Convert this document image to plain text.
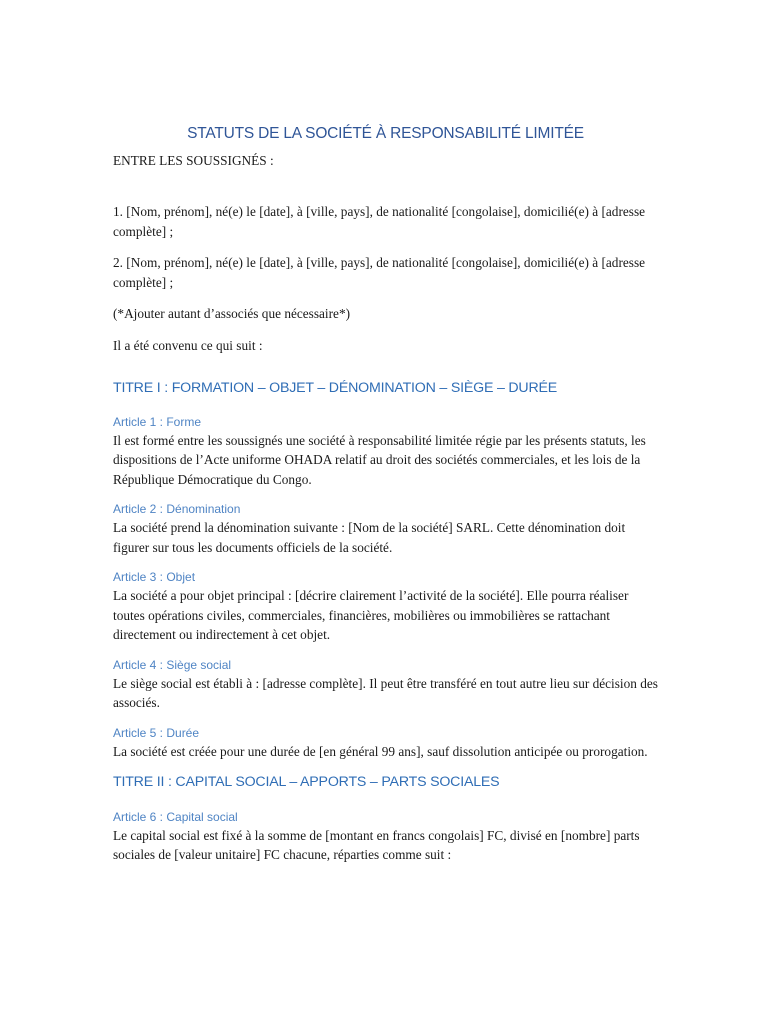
STATUTS DE LA SOCIÉTÉ À RESPONSABILITÉ LIMITÉE

ENTRE LES SOUSSIGNÉS :

1. [Nom, prénom], né(e) le [date], à [ville, pays], de nationalité [congolaise], domicilié(e) à [adresse complète] ;

2. [Nom, prénom], né(e) le [date], à [ville, pays], de nationalité [congolaise], domicilié(e) à [adresse complète] ;

(*Ajouter autant d’associés que nécessaire*)

Il a été convenu ce qui suit :

TITRE I : FORMATION – OBJET – DÉNOMINATION – SIÈGE – DURÉE
Article 1 : Forme

Il est formé entre les soussignés une société à responsabilité limitée régie par les présents statuts, les dispositions de l’Acte uniforme OHADA relatif au droit des sociétés commerciales, et les lois de la République Démocratique du Congo.

Article 2 : Dénomination

La société prend la dénomination suivante : [Nom de la société] SARL. Cette dénomination doit figurer sur tous les documents officiels de la société.

Article 3 : Objet

La société a pour objet principal : [décrire clairement l’activité de la société]. Elle pourra réaliser toutes opérations civiles, commerciales, financières, mobilières ou immobilières se rattachant directement ou indirectement à cet objet.

Article 4 : Siège social

Le siège social est établi à : [adresse complète]. Il peut être transféré en tout autre lieu sur décision des associés.

Article 5 : Durée

La société est créée pour une durée de [en général 99 ans], sauf dissolution anticipée ou prorogation.

TITRE II : CAPITAL SOCIAL – APPORTS – PARTS SOCIALES
Article 6 : Capital social

Le capital social est fixé à la somme de [montant en francs congolais] FC, divisé en [nombre] parts sociales de [valeur unitaire] FC chacune, réparties comme suit :
